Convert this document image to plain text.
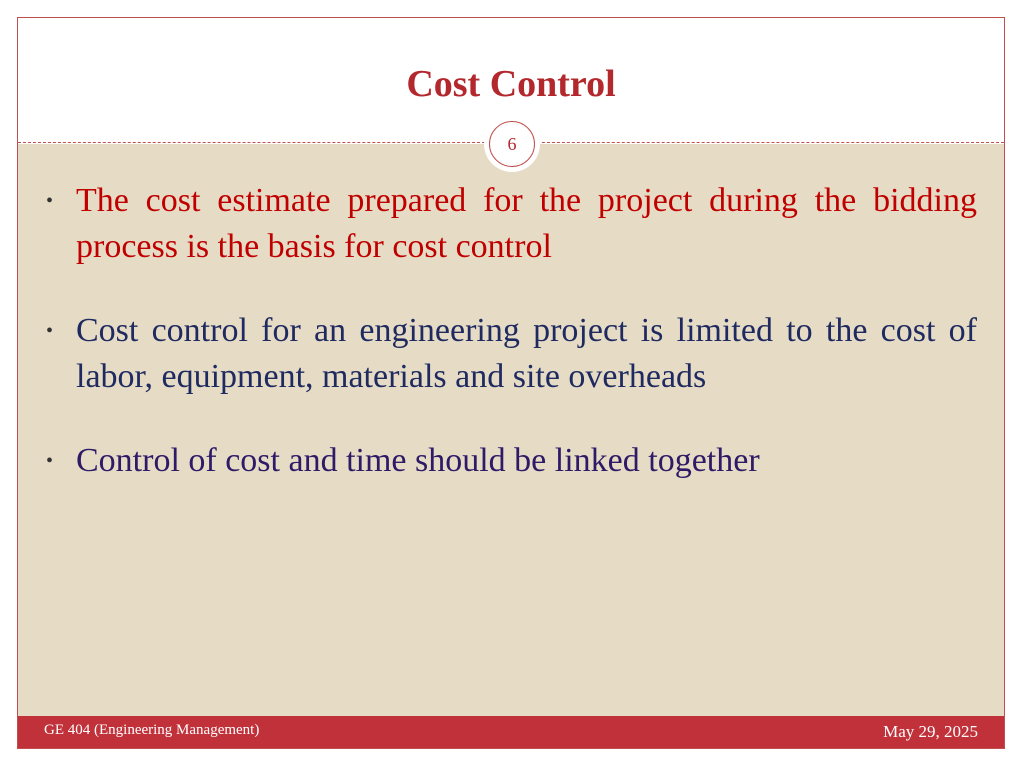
Cost Control
6
• The cost estimate prepared for the project during the bidding process is the basis for cost control
• Cost control for an engineering project is limited to the cost of labor, equipment, materials and site overheads
• Control of cost and time should be linked together
GE 404 (Engineering Management)	May 29, 2025
